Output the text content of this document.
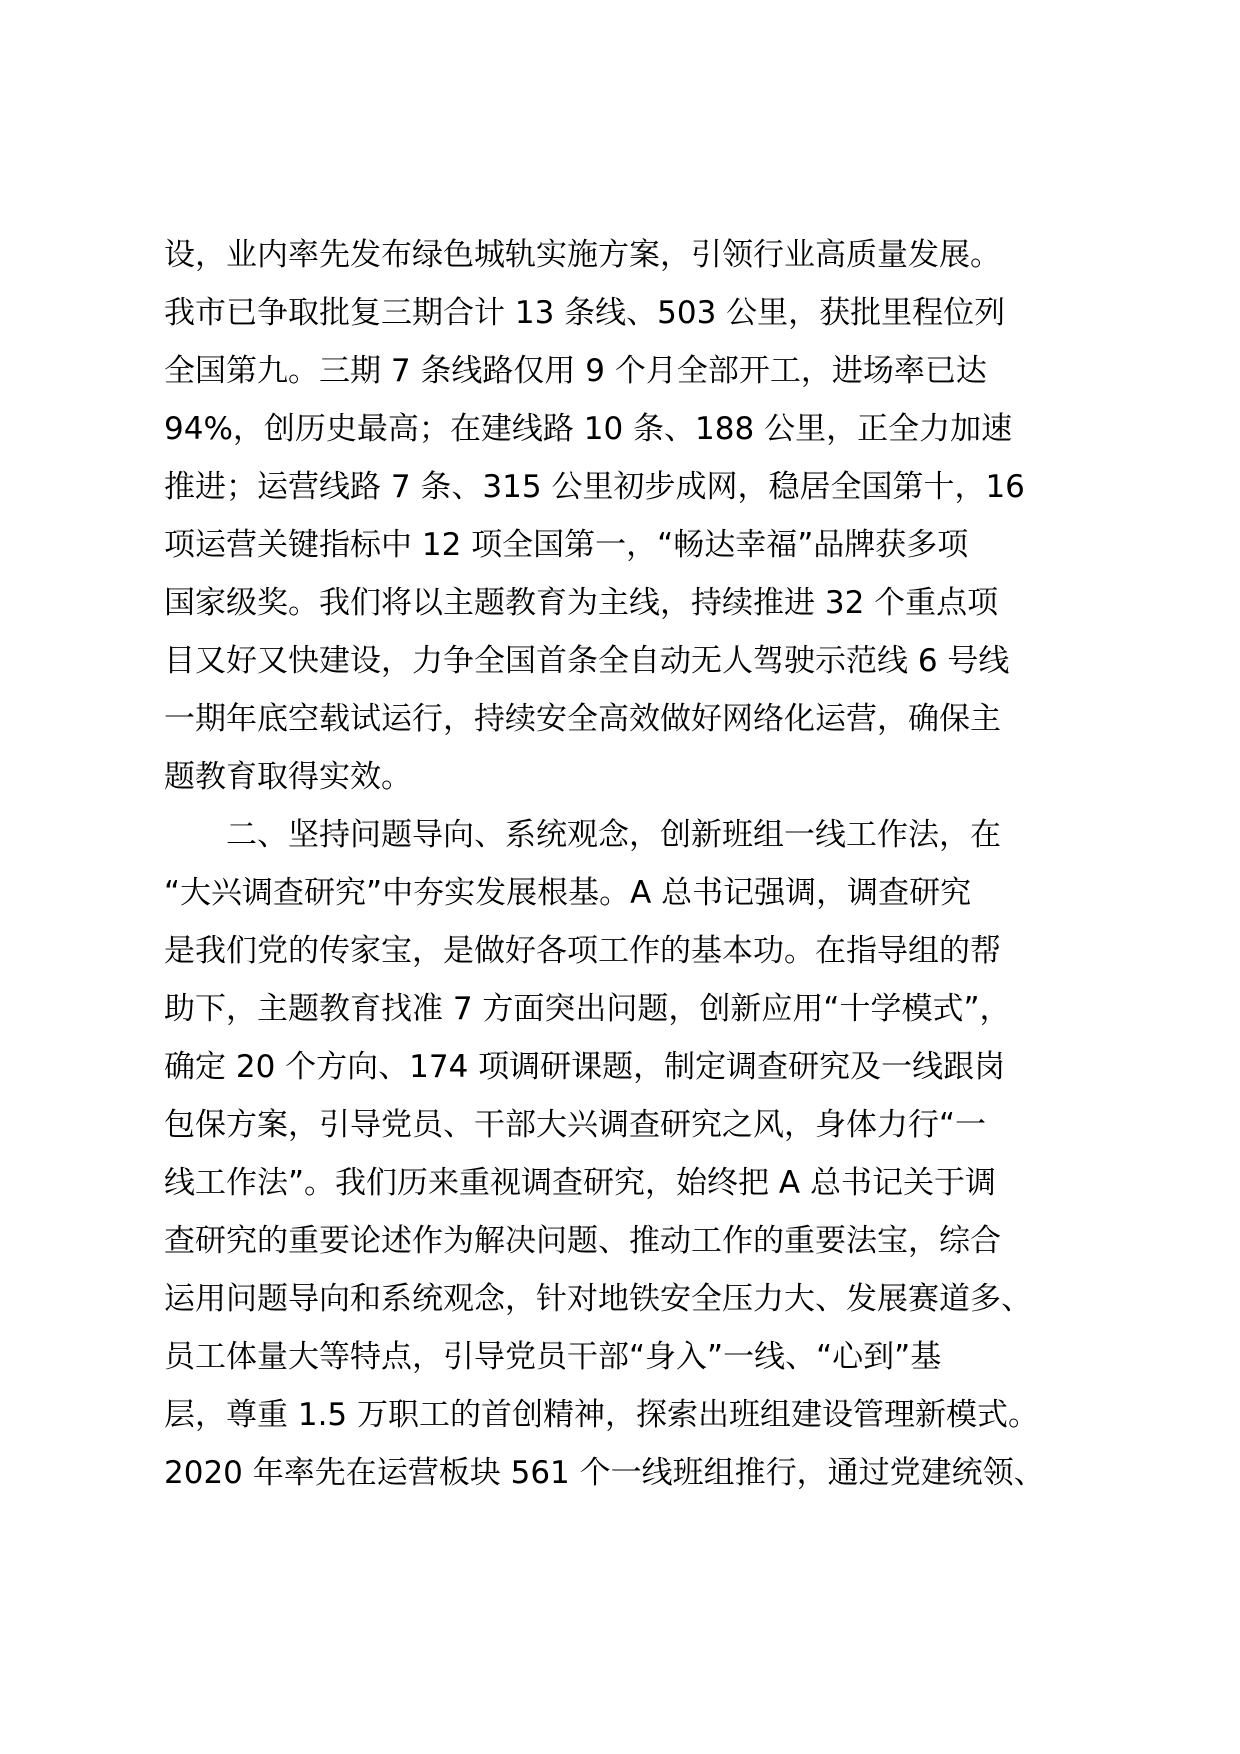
设，业内率先发布绿色城轨实施方案，引领行业高质量发展。
我市已争取批复三期合计 13 条线、503 公里，获批里程位列
全国第九。三期 7 条线路仅用 9 个月全部开工，进场率已达
94%，创历史最高；在建线路 10 条、188 公里，正全力加速
推进；运营线路 7 条、315 公里初步成网，稳居全国第十，16
项运营关键指标中 12 项全国第一，“畅达幸福”品牌获多项
国家级奖。我们将以主题教育为主线，持续推进 32 个重点项
目又好又快建设，力争全国首条全自动无人驾驶示范线 6 号线
一期年底空载试运行，持续安全高效做好网络化运营，确保主
题教育取得实效。
二、坚持问题导向、系统观念，创新班组一线工作法，在
“大兴调查研究”中夯实发展根基。A 总书记强调，调查研究
是我们党的传家宝，是做好各项工作的基本功。在指导组的帮
助下，主题教育找准 7 方面突出问题，创新应用“十学模式”，
确定 20 个方向、174 项调研课题，制定调查研究及一线跟岗
包保方案，引导党员、干部大兴调查研究之风，身体力行“一
线工作法”。我们历来重视调查研究，始终把 A 总书记关于调
查研究的重要论述作为解决问题、推动工作的重要法宝，综合
运用问题导向和系统观念，针对地铁安全压力大、发展赛道多、
员工体量大等特点，引导党员干部“身入”一线、“心到”基
层，尊重 1.5 万职工的首创精神，探索出班组建设管理新模式。
2020 年率先在运营板块 561 个一线班组推行，通过党建统领、
